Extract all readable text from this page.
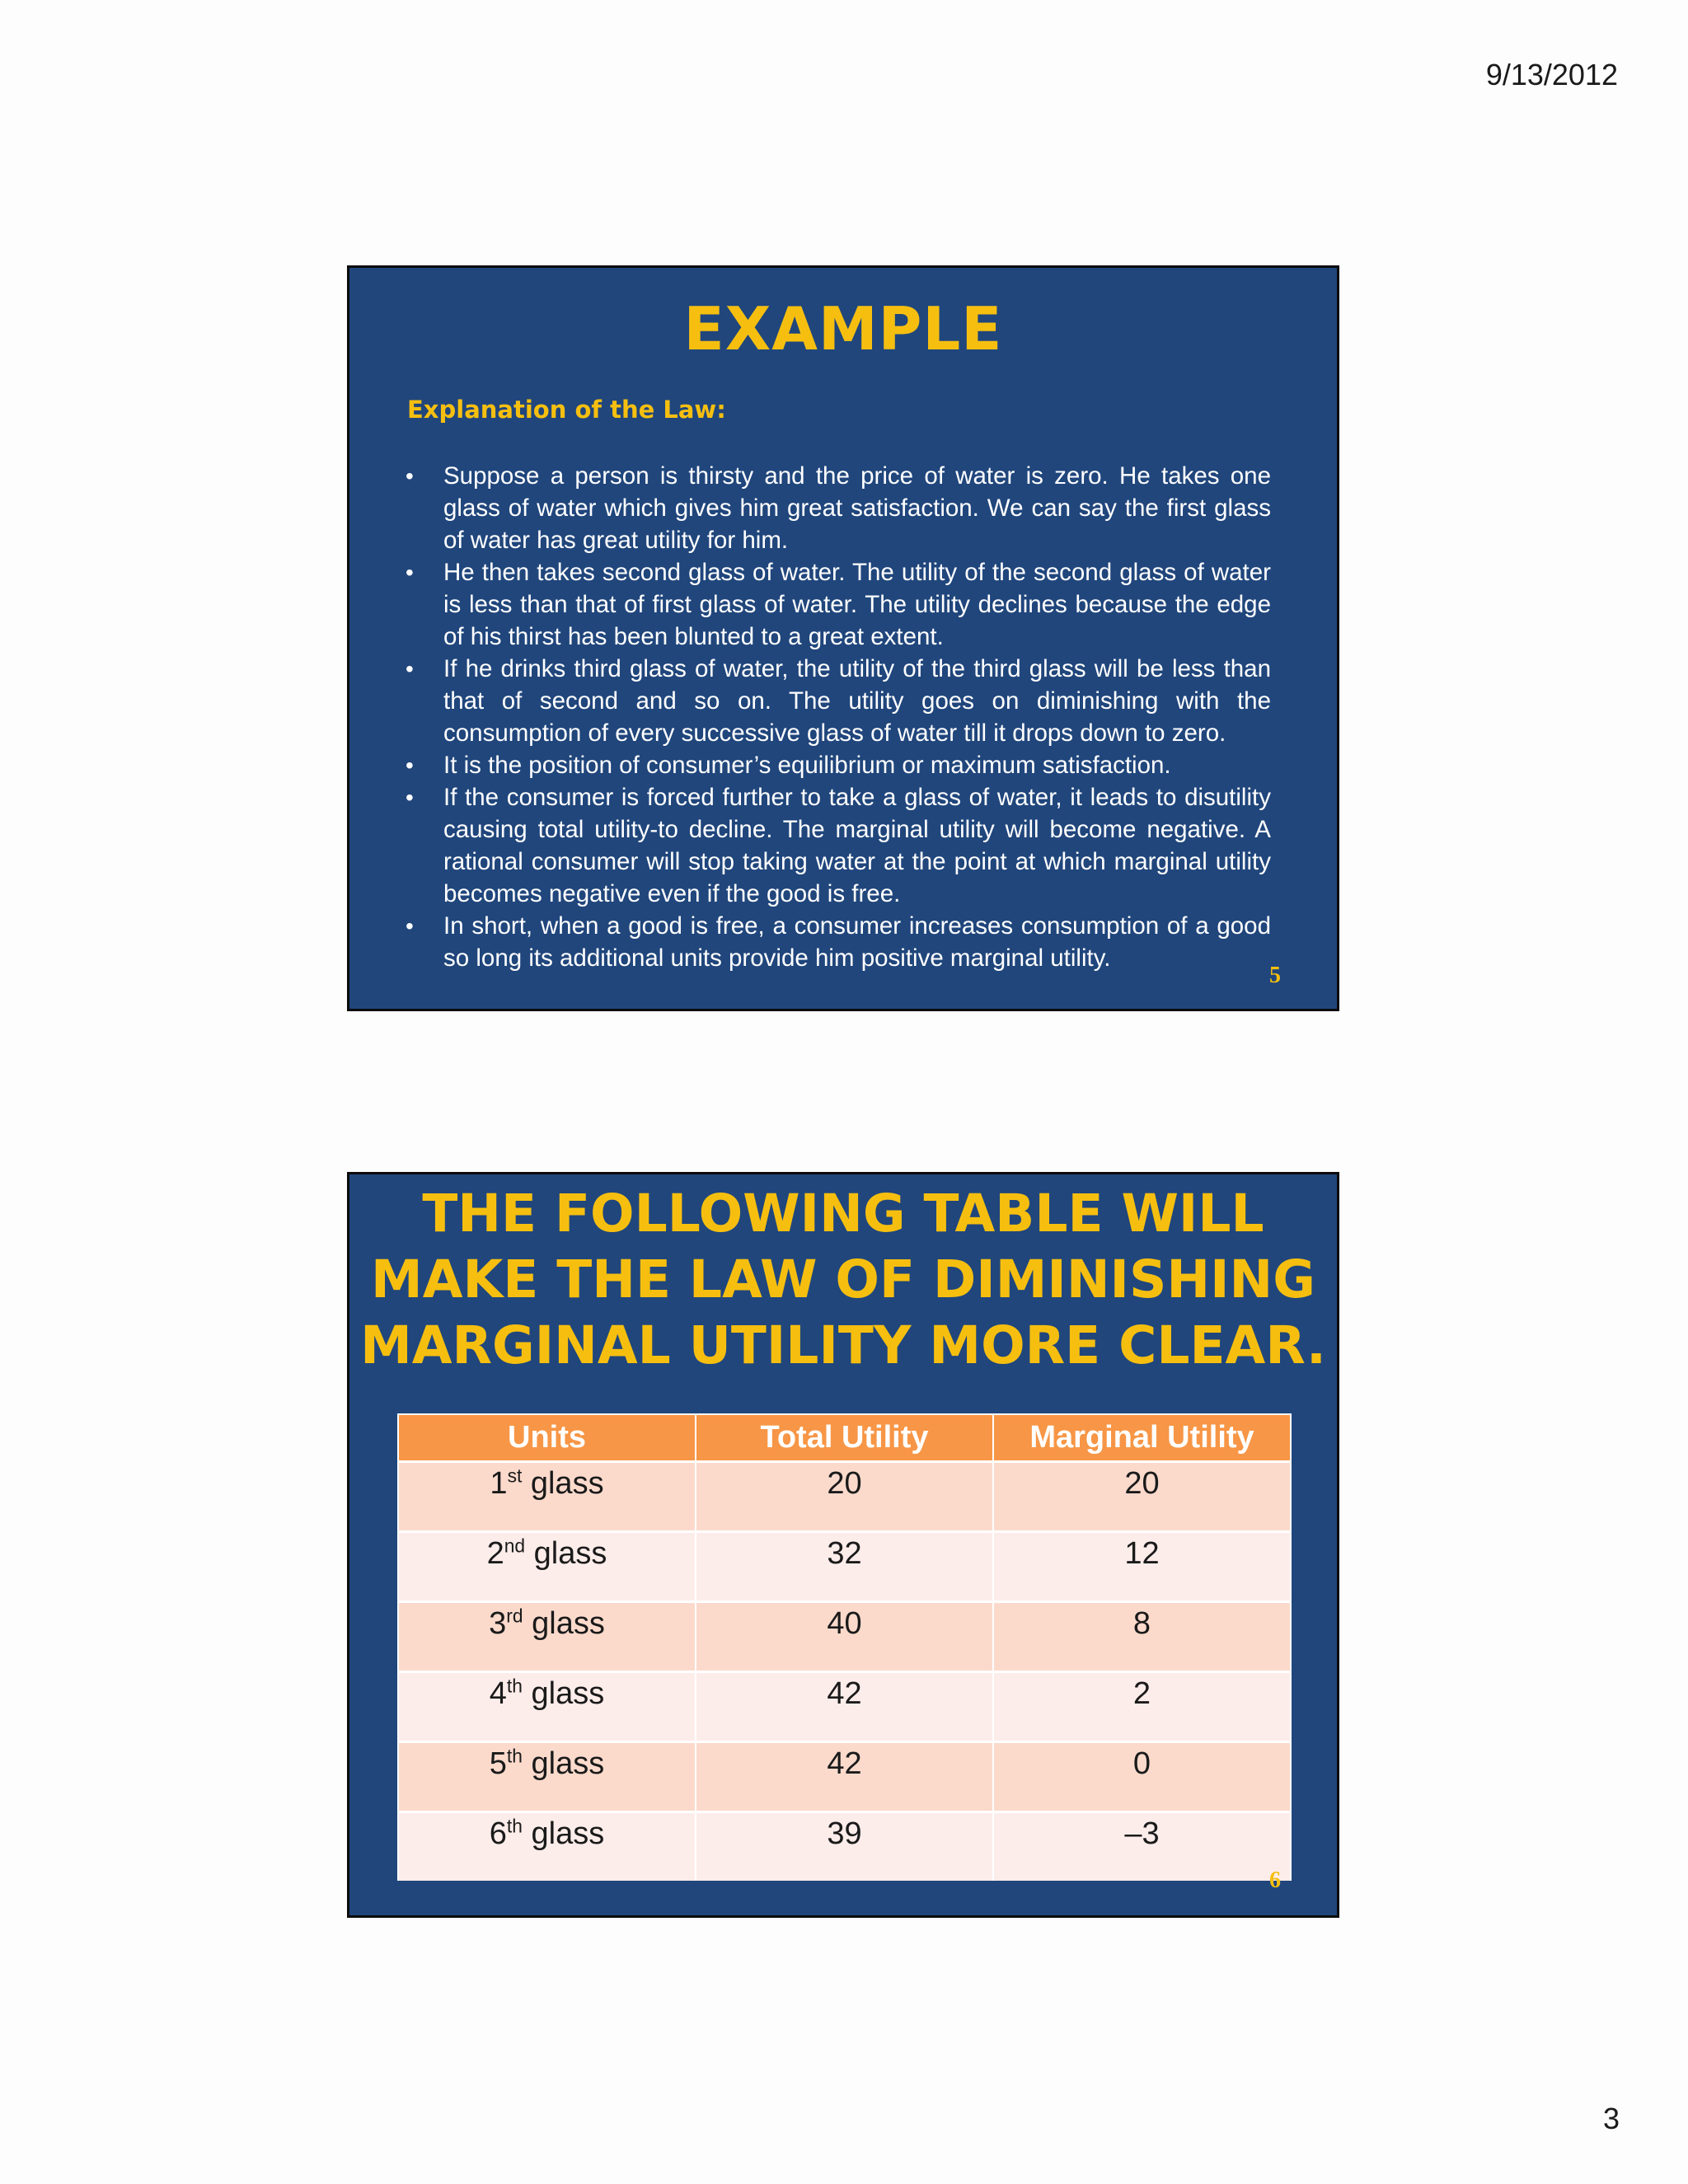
9/13/2012
EXAMPLE
Explanation of the Law:
• Suppose a person is thirsty and the price of water is zero. He takes one glass of water which gives him great satisfaction. We can say the first glass of water has great utility for him.
• He then takes second glass of water. The utility of the second glass of water is less than that of first glass of water. The utility declines because the edge of his thirst has been blunted to a great extent.
• If he drinks third glass of water, the utility of the third glass will be less than that of second and so on. The utility goes on diminishing with the consumption of every successive glass of water till it drops down to zero.
• It is the position of consumer’s equilibrium or maximum satisfaction.
• If the consumer is forced further to take a glass of water, it leads to disutility causing total utility-to decline. The marginal utility will become negative. A rational consumer will stop taking water at the point at which marginal utility becomes negative even if the good is free.
• In short, when a good is free, a consumer increases consumption of a good so long its additional units provide him positive marginal utility.
5
THE FOLLOWING TABLE WILL MAKE THE LAW OF DIMINISHING MARGINAL UTILITY MORE CLEAR.
Units	Total Utility	Marginal Utility
1st glass	20	20
2nd glass	32	12
3rd glass	40	8
4th glass	42	2
5th glass	42	0
6th glass	39	–3
6
3
